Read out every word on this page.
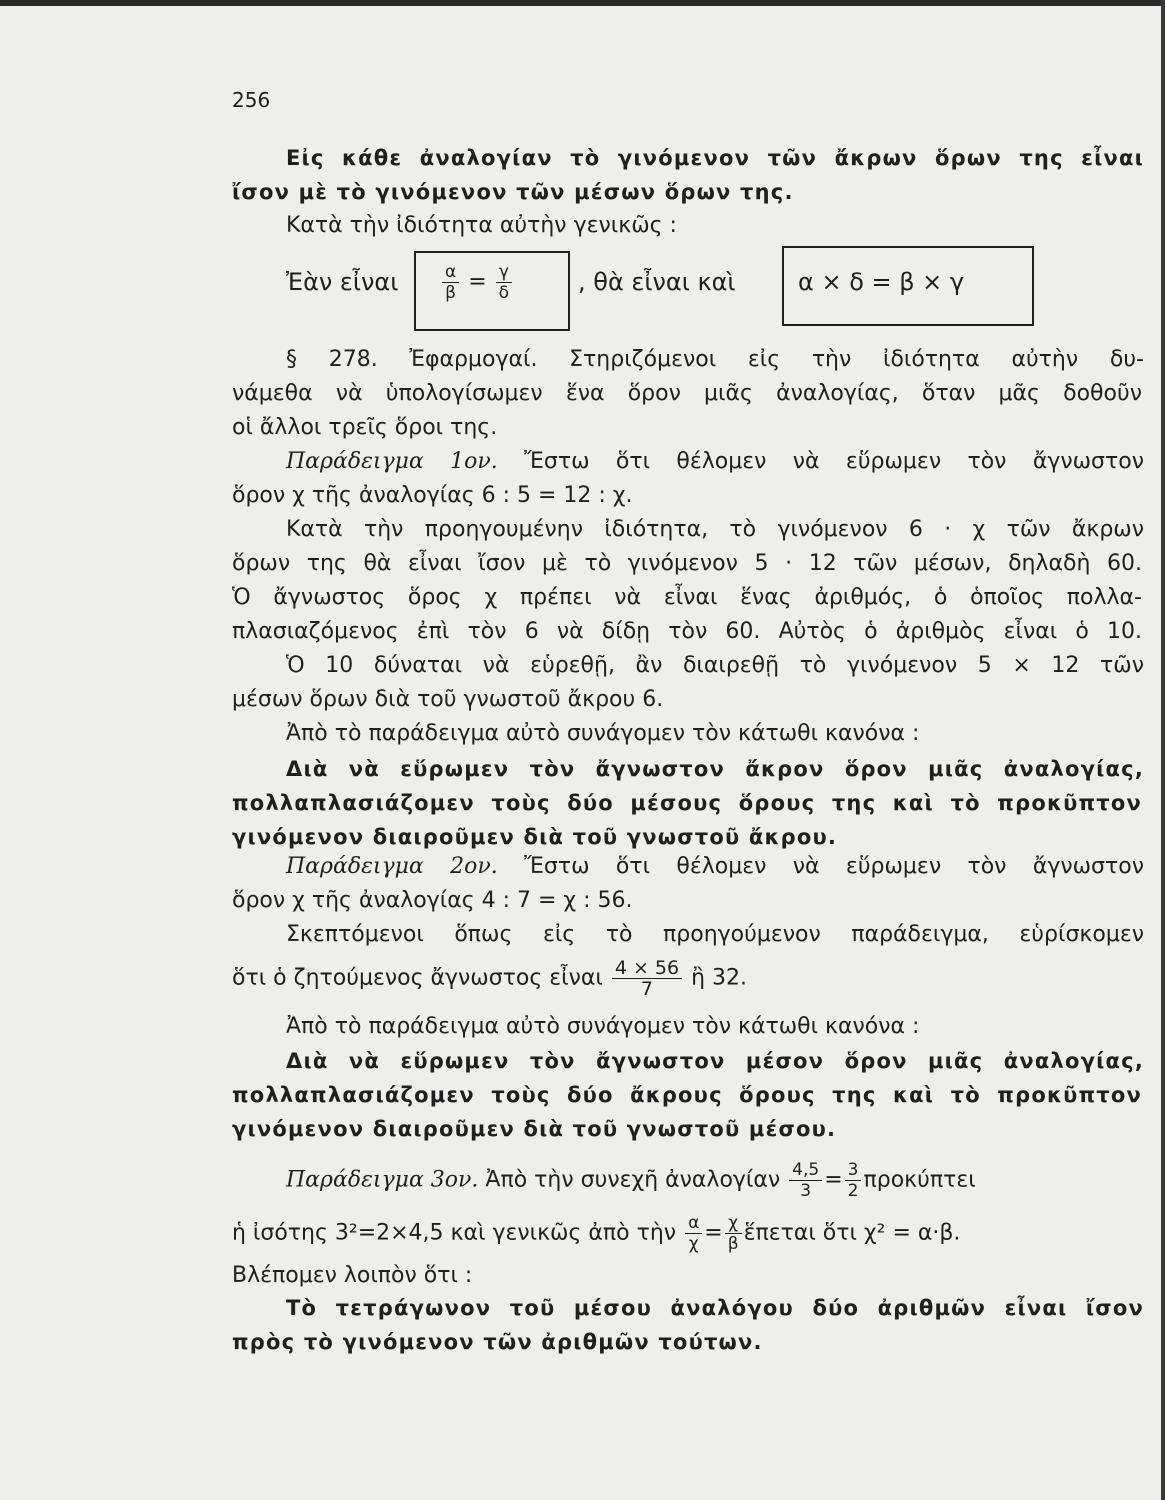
256
Εἰς κάθε ἀναλογίαν τὸ γινόμενον τῶν ἄκρων ὅρων της εἶναι
ἴσον μὲ τὸ γινόμενον τῶν μέσων ὅρων της.
Κατὰ τὴν ἰδιότητα αὐτὴν γενικῶς :
Ἐὰν εἶναι	$\frac{\alpha}{\beta} = \frac{\gamma}{\delta}$	, θὰ εἶναι καὶ	α × δ = β × γ
§ 278. Ἐφαρμογαί. Στηριζόμενοι εἰς τὴν ἰδιότητα αὐτὴν δυ-
νάμεθα νὰ ὑπολογίσωμεν ἕνα ὅρον μιᾶς ἀναλογίας, ὅταν μᾶς δοθοῦν
οἱ ἄλλοι τρεῖς ὅροι της.
Παράδειγμα 1ον. Ἔστω ὅτι θέλομεν νὰ εὕρωμεν τὸν ἄγνωστον
ὅρον χ τῆς ἀναλογίας 6 : 5 = 12 : χ.
Κατὰ τὴν προηγουμένην ἰδιότητα, τὸ γινόμενον 6 · χ τῶν ἄκρων
ὅρων της θὰ εἶναι ἴσον μὲ τὸ γινόμενον 5 · 12 τῶν μέσων, δηλαδὴ 60.
Ὁ ἄγνωστος ὅρος χ πρέπει νὰ εἶναι ἕνας ἀριθμός, ὁ ὁποῖος πολλα-
πλασιαζόμενος ἐπὶ τὸν 6 νὰ δίδῃ τὸν 60. Αὐτὸς ὁ ἀριθμὸς εἶναι ὁ 10.
Ὁ 10 δύναται νὰ εὑρεθῇ, ἂν διαιρεθῇ τὸ γινόμενον 5 × 12 τῶν
μέσων ὅρων διὰ τοῦ γνωστοῦ ἄκρου 6.
Ἀπὸ τὸ παράδειγμα αὐτὸ συνάγομεν τὸν κάτωθι κανόνα :
Διὰ νὰ εὕρωμεν τὸν ἄγνωστον ἄκρον ὅρον μιᾶς ἀναλογίας,
πολλαπλασιάζομεν τοὺς δύο μέσους ὅρους της καὶ τὸ προκῦπτον
γινόμενον διαιροῦμεν διὰ τοῦ γνωστοῦ ἄκρου.
Παράδειγμα 2ον. Ἔστω ὅτι θέλομεν νὰ εὕρωμεν τὸν ἄγνωστον
ὅρον χ τῆς ἀναλογίας 4 : 7 = χ : 56.
Σκεπτόμενοι ὅπως εἰς τὸ προηγούμενον παράδειγμα, εὑρίσκομεν
ὅτι ὁ ζητούμενος ἄγνωστος εἶναι $\frac{4 \times 56}{7}$ ἢ 32.
Ἀπὸ τὸ παράδειγμα αὐτὸ συνάγομεν τὸν κάτωθι κανόνα :
Διὰ νὰ εὕρωμεν τὸν ἄγνωστον μέσον ὅρον μιᾶς ἀναλογίας,
πολλαπλασιάζομεν τοὺς δύο ἄκρους ὅρους της καὶ τὸ προκῦπτον
γινόμενον διαιροῦμεν διὰ τοῦ γνωστοῦ μέσου.
Παράδειγμα 3ον. Ἀπὸ τὴν συνεχῆ ἀναλογίαν $\frac{4,5}{3} = \frac{3}{2}$ προκύπτει
ἡ ἰσότης 3²=2×4,5 καὶ γενικῶς ἀπὸ τὴν $\frac{\alpha}{\chi} = \frac{\chi}{\beta}$ ἕπεται ὅτι χ² = α·β.
Βλέπομεν λοιπὸν ὅτι :
Τὸ τετράγωνον τοῦ μέσου ἀναλόγου δύο ἀριθμῶν εἶναι ἴσον
πρὸς τὸ γινόμενον τῶν ἀριθμῶν τούτων.
